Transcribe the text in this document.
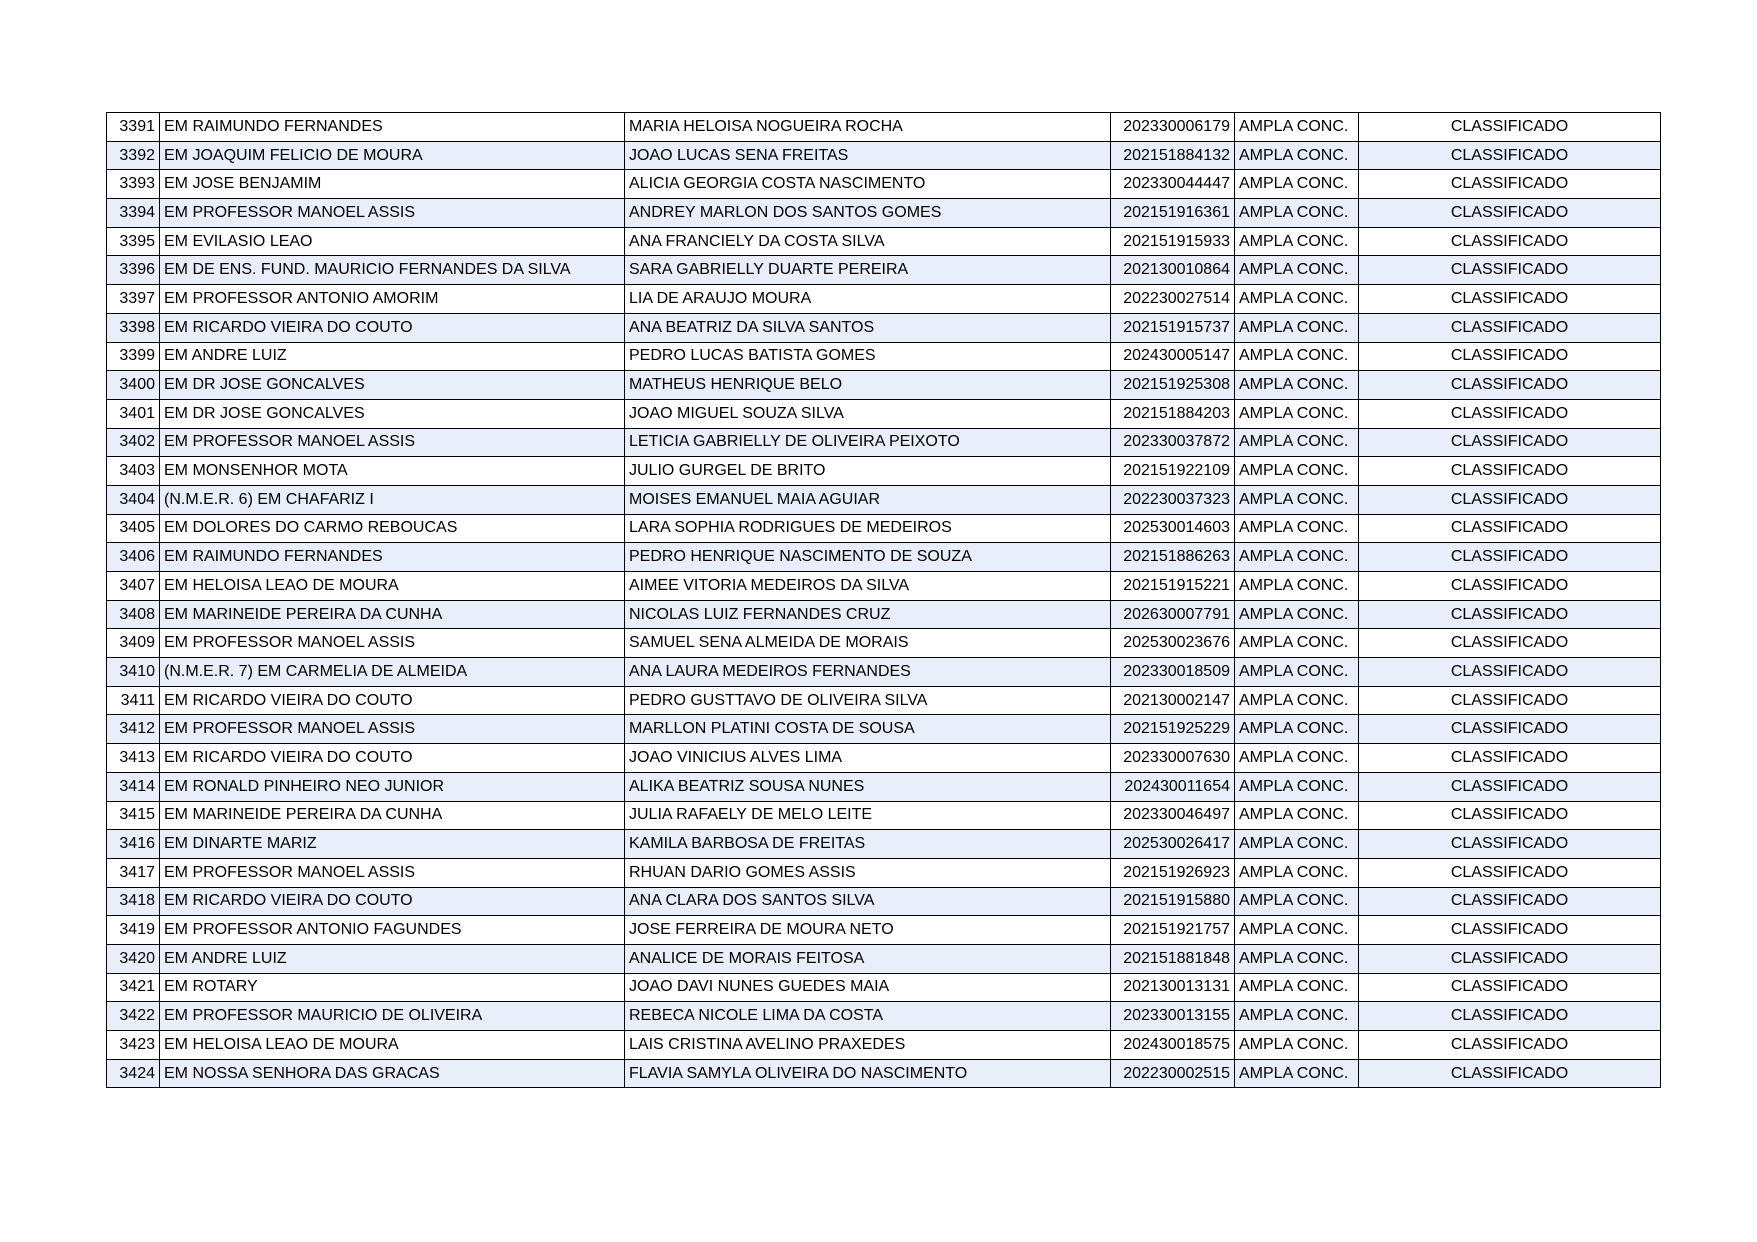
3391	EM RAIMUNDO FERNANDES	MARIA HELOISA NOGUEIRA ROCHA	202330006179	AMPLA CONC.	CLASSIFICADO
3392	EM JOAQUIM FELICIO DE MOURA	JOAO LUCAS SENA FREITAS	202151884132	AMPLA CONC.	CLASSIFICADO
3393	EM JOSE BENJAMIM	ALICIA GEORGIA COSTA NASCIMENTO	202330044447	AMPLA CONC.	CLASSIFICADO
3394	EM PROFESSOR MANOEL ASSIS	ANDREY MARLON DOS SANTOS GOMES	202151916361	AMPLA CONC.	CLASSIFICADO
3395	EM EVILASIO LEAO	ANA FRANCIELY DA COSTA SILVA	202151915933	AMPLA CONC.	CLASSIFICADO
3396	EM DE ENS. FUND. MAURICIO FERNANDES DA SILVA	SARA GABRIELLY DUARTE PEREIRA	202130010864	AMPLA CONC.	CLASSIFICADO
3397	EM PROFESSOR ANTONIO AMORIM	LIA DE ARAUJO MOURA	202230027514	AMPLA CONC.	CLASSIFICADO
3398	EM RICARDO VIEIRA DO COUTO	ANA BEATRIZ DA SILVA SANTOS	202151915737	AMPLA CONC.	CLASSIFICADO
3399	EM ANDRE LUIZ	PEDRO LUCAS BATISTA GOMES	202430005147	AMPLA CONC.	CLASSIFICADO
3400	EM DR JOSE GONCALVES	MATHEUS HENRIQUE BELO	202151925308	AMPLA CONC.	CLASSIFICADO
3401	EM DR JOSE GONCALVES	JOAO MIGUEL SOUZA SILVA	202151884203	AMPLA CONC.	CLASSIFICADO
3402	EM PROFESSOR MANOEL ASSIS	LETICIA GABRIELLY DE OLIVEIRA PEIXOTO	202330037872	AMPLA CONC.	CLASSIFICADO
3403	EM MONSENHOR MOTA	JULIO GURGEL DE BRITO	202151922109	AMPLA CONC.	CLASSIFICADO
3404	(N.M.E.R. 6) EM CHAFARIZ I	MOISES EMANUEL MAIA AGUIAR	202230037323	AMPLA CONC.	CLASSIFICADO
3405	EM DOLORES DO CARMO REBOUCAS	LARA SOPHIA RODRIGUES DE MEDEIROS	202530014603	AMPLA CONC.	CLASSIFICADO
3406	EM RAIMUNDO FERNANDES	PEDRO HENRIQUE NASCIMENTO DE SOUZA	202151886263	AMPLA CONC.	CLASSIFICADO
3407	EM HELOISA LEAO DE MOURA	AIMEE VITORIA MEDEIROS DA SILVA	202151915221	AMPLA CONC.	CLASSIFICADO
3408	EM MARINEIDE PEREIRA DA CUNHA	NICOLAS LUIZ FERNANDES CRUZ	202630007791	AMPLA CONC.	CLASSIFICADO
3409	EM PROFESSOR MANOEL ASSIS	SAMUEL SENA ALMEIDA DE MORAIS	202530023676	AMPLA CONC.	CLASSIFICADO
3410	(N.M.E.R. 7) EM CARMELIA DE ALMEIDA	ANA LAURA MEDEIROS FERNANDES	202330018509	AMPLA CONC.	CLASSIFICADO
3411	EM RICARDO VIEIRA DO COUTO	PEDRO GUSTTAVO DE OLIVEIRA SILVA	202130002147	AMPLA CONC.	CLASSIFICADO
3412	EM PROFESSOR MANOEL ASSIS	MARLLON PLATINI COSTA DE SOUSA	202151925229	AMPLA CONC.	CLASSIFICADO
3413	EM RICARDO VIEIRA DO COUTO	JOAO VINICIUS ALVES LIMA	202330007630	AMPLA CONC.	CLASSIFICADO
3414	EM RONALD PINHEIRO NEO JUNIOR	ALIKA BEATRIZ SOUSA NUNES	202430011654	AMPLA CONC.	CLASSIFICADO
3415	EM MARINEIDE PEREIRA DA CUNHA	JULIA RAFAELY DE MELO LEITE	202330046497	AMPLA CONC.	CLASSIFICADO
3416	EM DINARTE MARIZ	KAMILA BARBOSA DE FREITAS	202530026417	AMPLA CONC.	CLASSIFICADO
3417	EM PROFESSOR MANOEL ASSIS	RHUAN DARIO GOMES ASSIS	202151926923	AMPLA CONC.	CLASSIFICADO
3418	EM RICARDO VIEIRA DO COUTO	ANA CLARA DOS SANTOS SILVA	202151915880	AMPLA CONC.	CLASSIFICADO
3419	EM PROFESSOR ANTONIO FAGUNDES	JOSE FERREIRA DE MOURA NETO	202151921757	AMPLA CONC.	CLASSIFICADO
3420	EM ANDRE LUIZ	ANALICE DE MORAIS FEITOSA	202151881848	AMPLA CONC.	CLASSIFICADO
3421	EM ROTARY	JOAO DAVI NUNES GUEDES MAIA	202130013131	AMPLA CONC.	CLASSIFICADO
3422	EM PROFESSOR MAURICIO DE OLIVEIRA	REBECA NICOLE LIMA DA COSTA	202330013155	AMPLA CONC.	CLASSIFICADO
3423	EM HELOISA LEAO DE MOURA	LAIS CRISTINA AVELINO PRAXEDES	202430018575	AMPLA CONC.	CLASSIFICADO
3424	EM NOSSA SENHORA DAS GRACAS	FLAVIA SAMYLA OLIVEIRA DO NASCIMENTO	202230002515	AMPLA CONC.	CLASSIFICADO
